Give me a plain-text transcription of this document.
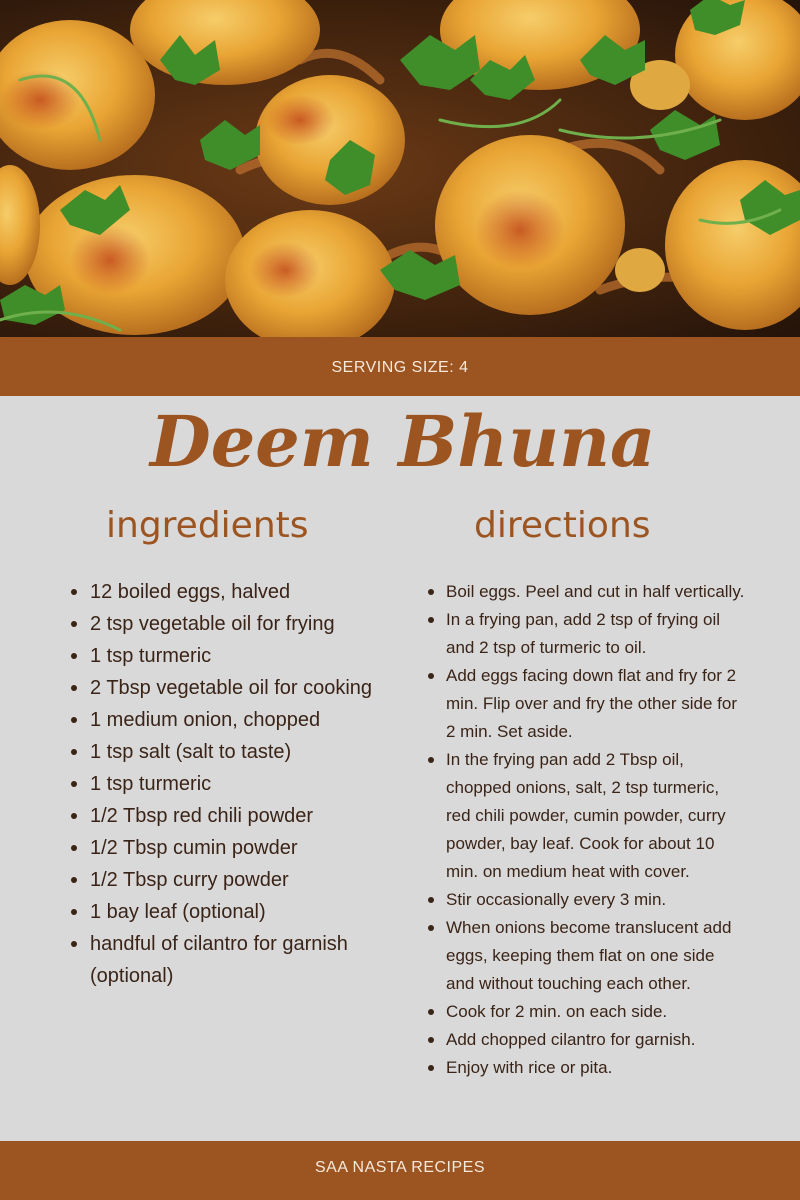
SERVING SIZE: 4
Deem Bhuna
ingredients	directions
12 boiled eggs, halved
2 tsp vegetable oil for frying
1 tsp turmeric
2 Tbsp vegetable oil for cooking
1 medium onion, chopped
1 tsp salt (salt to taste)
1 tsp turmeric
1/2 Tbsp red chili powder
1/2 Tbsp cumin powder
1/2 Tbsp curry powder
1 bay leaf (optional)
handful of cilantro for garnish (optional)
Boil eggs. Peel and cut in half vertically.
In a frying pan, add 2 tsp of frying oil and 2 tsp of turmeric to oil.
Add eggs facing down flat and fry for 2 min. Flip over and fry the other side for 2 min. Set aside.
In the frying pan add 2 Tbsp oil, chopped onions, salt, 2 tsp turmeric, red chili powder, cumin powder, curry powder, bay leaf. Cook for about 10 min. on medium heat with cover.
Stir occasionally every 3 min.
When onions become translucent add eggs, keeping them flat on one side and without touching each other.
Cook for 2 min. on each side.
Add chopped cilantro for garnish.
Enjoy with rice or pita.
SAA NASTA RECIPES
